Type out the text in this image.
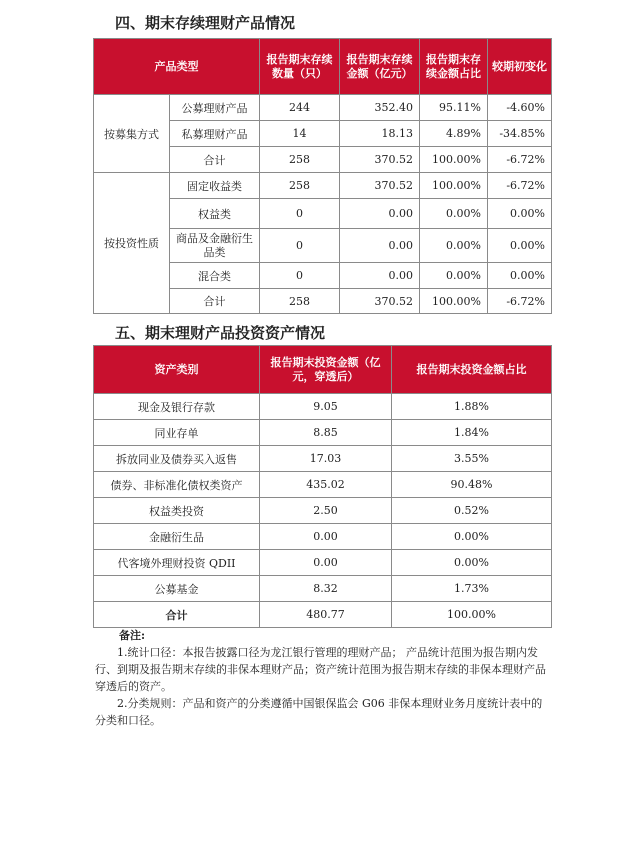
四、期末存续理财产品情况
产品类型		报告期末存续数量（只）	报告期末存续金额（亿元）	报告期末存续金额占比	较期初变化
按募集方式	公募理财产品	244	352.40	95.11%	-4.60%
	私募理财产品	14	18.13	4.89%	-34.85%
	合计	258	370.52	100.00%	-6.72%
按投资性质	固定收益类	258	370.52	100.00%	-6.72%
	权益类	0	0.00	0.00%	0.00%
	商品及金融衍生品类	0	0.00	0.00%	0.00%
	混合类	0	0.00	0.00%	0.00%
	合计	258	370.52	100.00%	-6.72%
五、期末理财产品投资资产情况
资产类别	报告期末投资金额（亿元，穿透后）	报告期末投资金额占比
现金及银行存款	9.05	1.88%
同业存单	8.85	1.84%
拆放同业及债券买入返售	17.03	3.55%
债券、非标准化债权类资产	435.02	90.48%
权益类投资	2.50	0.52%
金融衍生品	0.00	0.00%
代客境外理财投资 QDII	0.00	0.00%
公募基金	8.32	1.73%
合计	480.77	100.00%

备注:

1.统计口径：本报告披露口径为龙江银行管理的理财产品； 产品统计范围为报告期内发行、到期及报告期末存续的非保本理财产品；资产统计范围为报告期末存续的非保本理财产品穿透后的资产。

2.分类规则：产品和资产的分类遵循中国银保监会 G06 非保本理财业务月度统计表中的分类和口径。
